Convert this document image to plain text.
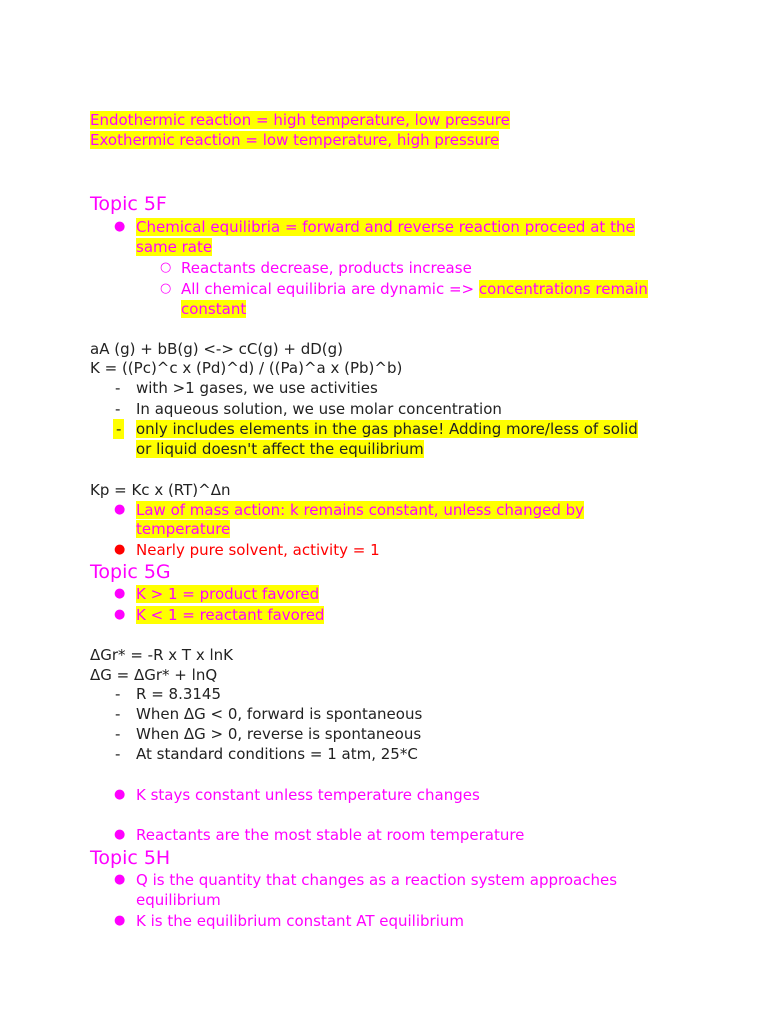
Endothermic reaction = high temperature, low pressure
Exothermic reaction = low temperature, high pressure
Topic 5F
● Chemical equilibria = forward and reverse reaction proceed at the
same rate
○ Reactants decrease, products increase
○ All chemical equilibria are dynamic => concentrations remain
constant
aA (g) + bB(g) <-> cC(g) + dD(g)
K = ((Pc)^c x (Pd)^d) / ((Pa)^a x (Pb)^b)
- with >1 gases, we use activities
- In aqueous solution, we use molar concentration
- only includes elements in the gas phase! Adding more/less of solid
or liquid doesn't affect the equilibrium
Kp = Kc x (RT)^Δn
● Law of mass action: k remains constant, unless changed by
temperature
● Nearly pure solvent, activity = 1
Topic 5G
● K > 1 = product favored
● K < 1 = reactant favored
ΔGr* = -R x T x lnK
ΔG = ΔGr* + lnQ
- R = 8.3145
- When ΔG < 0, forward is spontaneous
- When ΔG > 0, reverse is spontaneous
- At standard conditions = 1 atm, 25*C
● K stays constant unless temperature changes
● Reactants are the most stable at room temperature
Topic 5H
● Q is the quantity that changes as a reaction system approaches
equilibrium
● K is the equilibrium constant AT equilibrium
